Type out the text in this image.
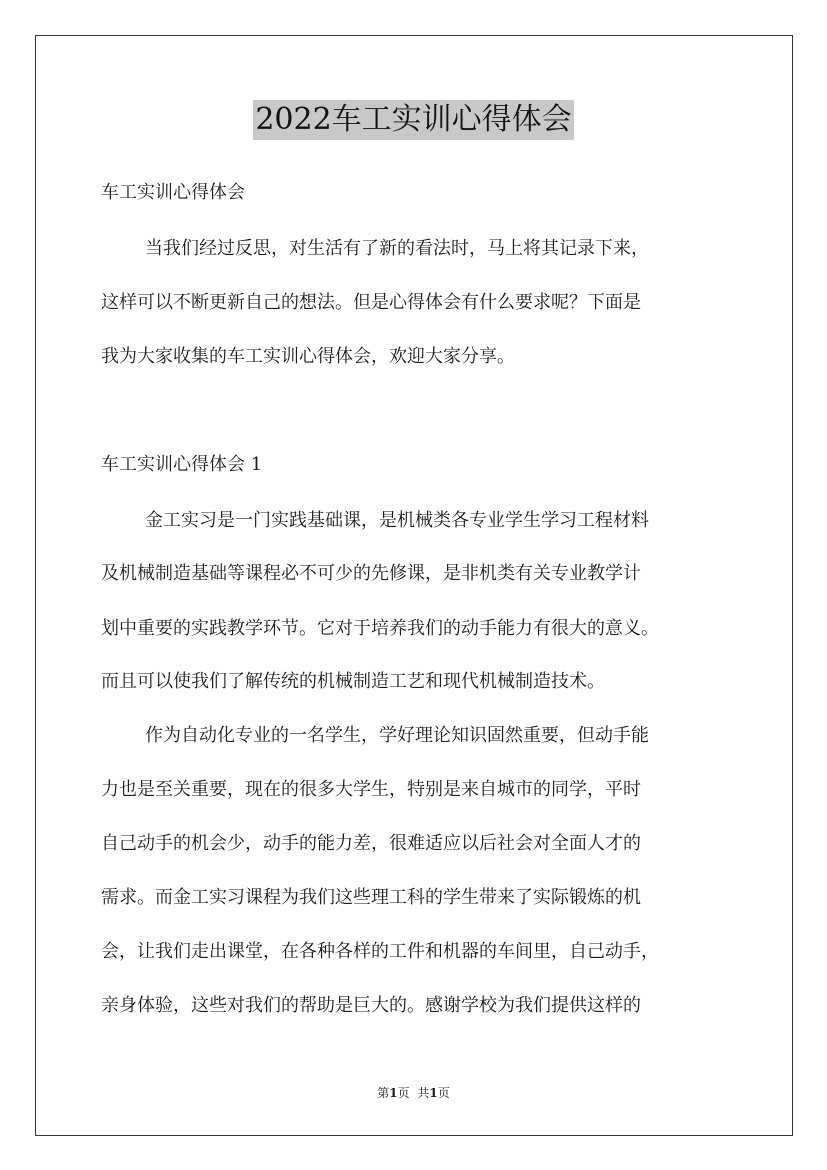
2022车工实训心得体会
车工实训心得体会
当我们经过反思，对生活有了新的看法时，马上将其记录下来，
这样可以不断更新自己的想法。但是心得体会有什么要求呢？下面是
我为大家收集的车工实训心得体会，欢迎大家分享。
车工实训心得体会 1
金工实习是一门实践基础课，是机械类各专业学生学习工程材料
及机械制造基础等课程必不可少的先修课，是非机类有关专业教学计
划中重要的实践教学环节。它对于培养我们的动手能力有很大的意义。
而且可以使我们了解传统的机械制造工艺和现代机械制造技术。
作为自动化专业的一名学生，学好理论知识固然重要，但动手能
力也是至关重要，现在的很多大学生，特别是来自城市的同学，平时
自己动手的机会少，动手的能力差，很难适应以后社会对全面人才的
需求。而金工实习课程为我们这些理工科的学生带来了实际锻炼的机
会，让我们走出课堂，在各种各样的工件和机器的车间里，自己动手，
亲身体验，这些对我们的帮助是巨大的。感谢学校为我们提供这样的
第1页 共1页
